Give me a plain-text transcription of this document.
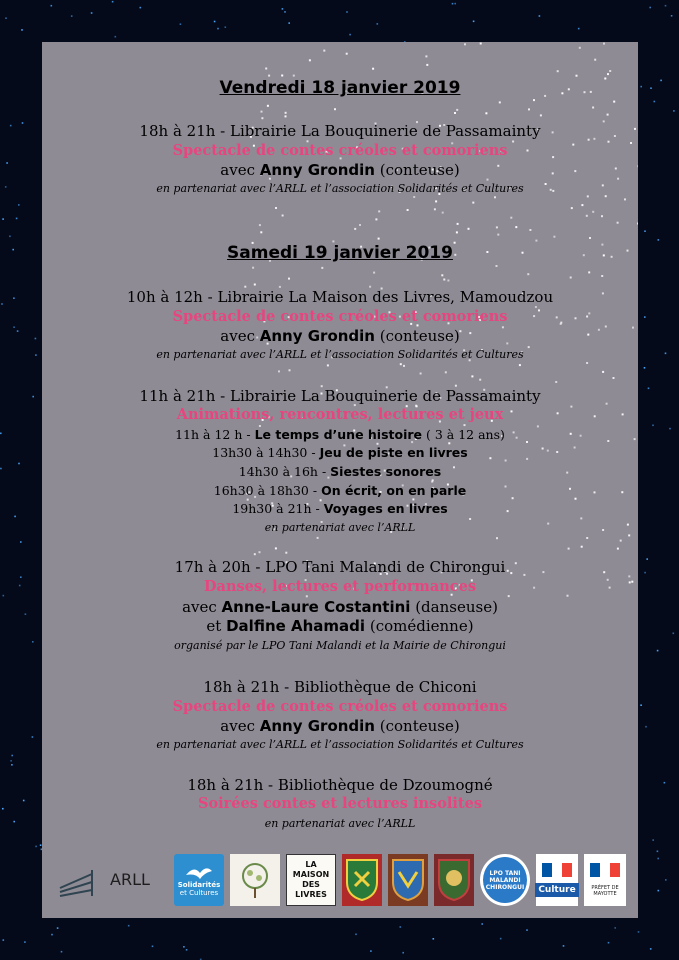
Vendredi 18 janvier 2019
18h à 21h - Librairie La Bouquinerie de Passamainty
Spectacle de contes créoles et comoriens
avec Anny Grondin (conteuse)
en partenariat avec l’ARLL et l’association Solidarités et Cultures
Samedi 19 janvier 2019
10h à 12h - Librairie La Maison des Livres, Mamoudzou
Spectacle de contes créoles et comoriens
avec Anny Grondin (conteuse)
en partenariat avec l’ARLL et l’association Solidarités et Cultures
11h à 21h - Librairie La Bouquinerie de Passamainty
Animations, rencontres, lectures et jeux
11h à 12 h - Le temps d’une histoire ( 3 à 12 ans)
13h30 à 14h30 - Jeu de piste en livres
14h30 à 16h - Siestes sonores
16h30 à 18h30 - On écrit, on en parle
19h30 à 21h - Voyages en livres
en partenariat avec l’ARLL
17h à 20h - LPO Tani Malandi de Chirongui
Danses, lectures et performances
avec Anne-Laure Costantini (danseuse)
et Dalfine Ahamadi (comédienne)
organisé par le LPO Tani Malandi et la Mairie de Chirongui
18h à 21h - Bibliothèque de Chiconi
Spectacle de contes créoles et comoriens
avec Anny Grondin (conteuse)
en partenariat avec l’ARLL et l’association Solidarités et Cultures
18h à 21h - Bibliothèque de Dzoumogné
Soirées contes et lectures insolites
en partenariat avec l’ARLL
ARLL	Solidarités
et Cultures
LA MAISON DES LIVRES
LPO TANI MALANDI CHIRONGUI	Culture	PRÉFET DE MAYOTTE
